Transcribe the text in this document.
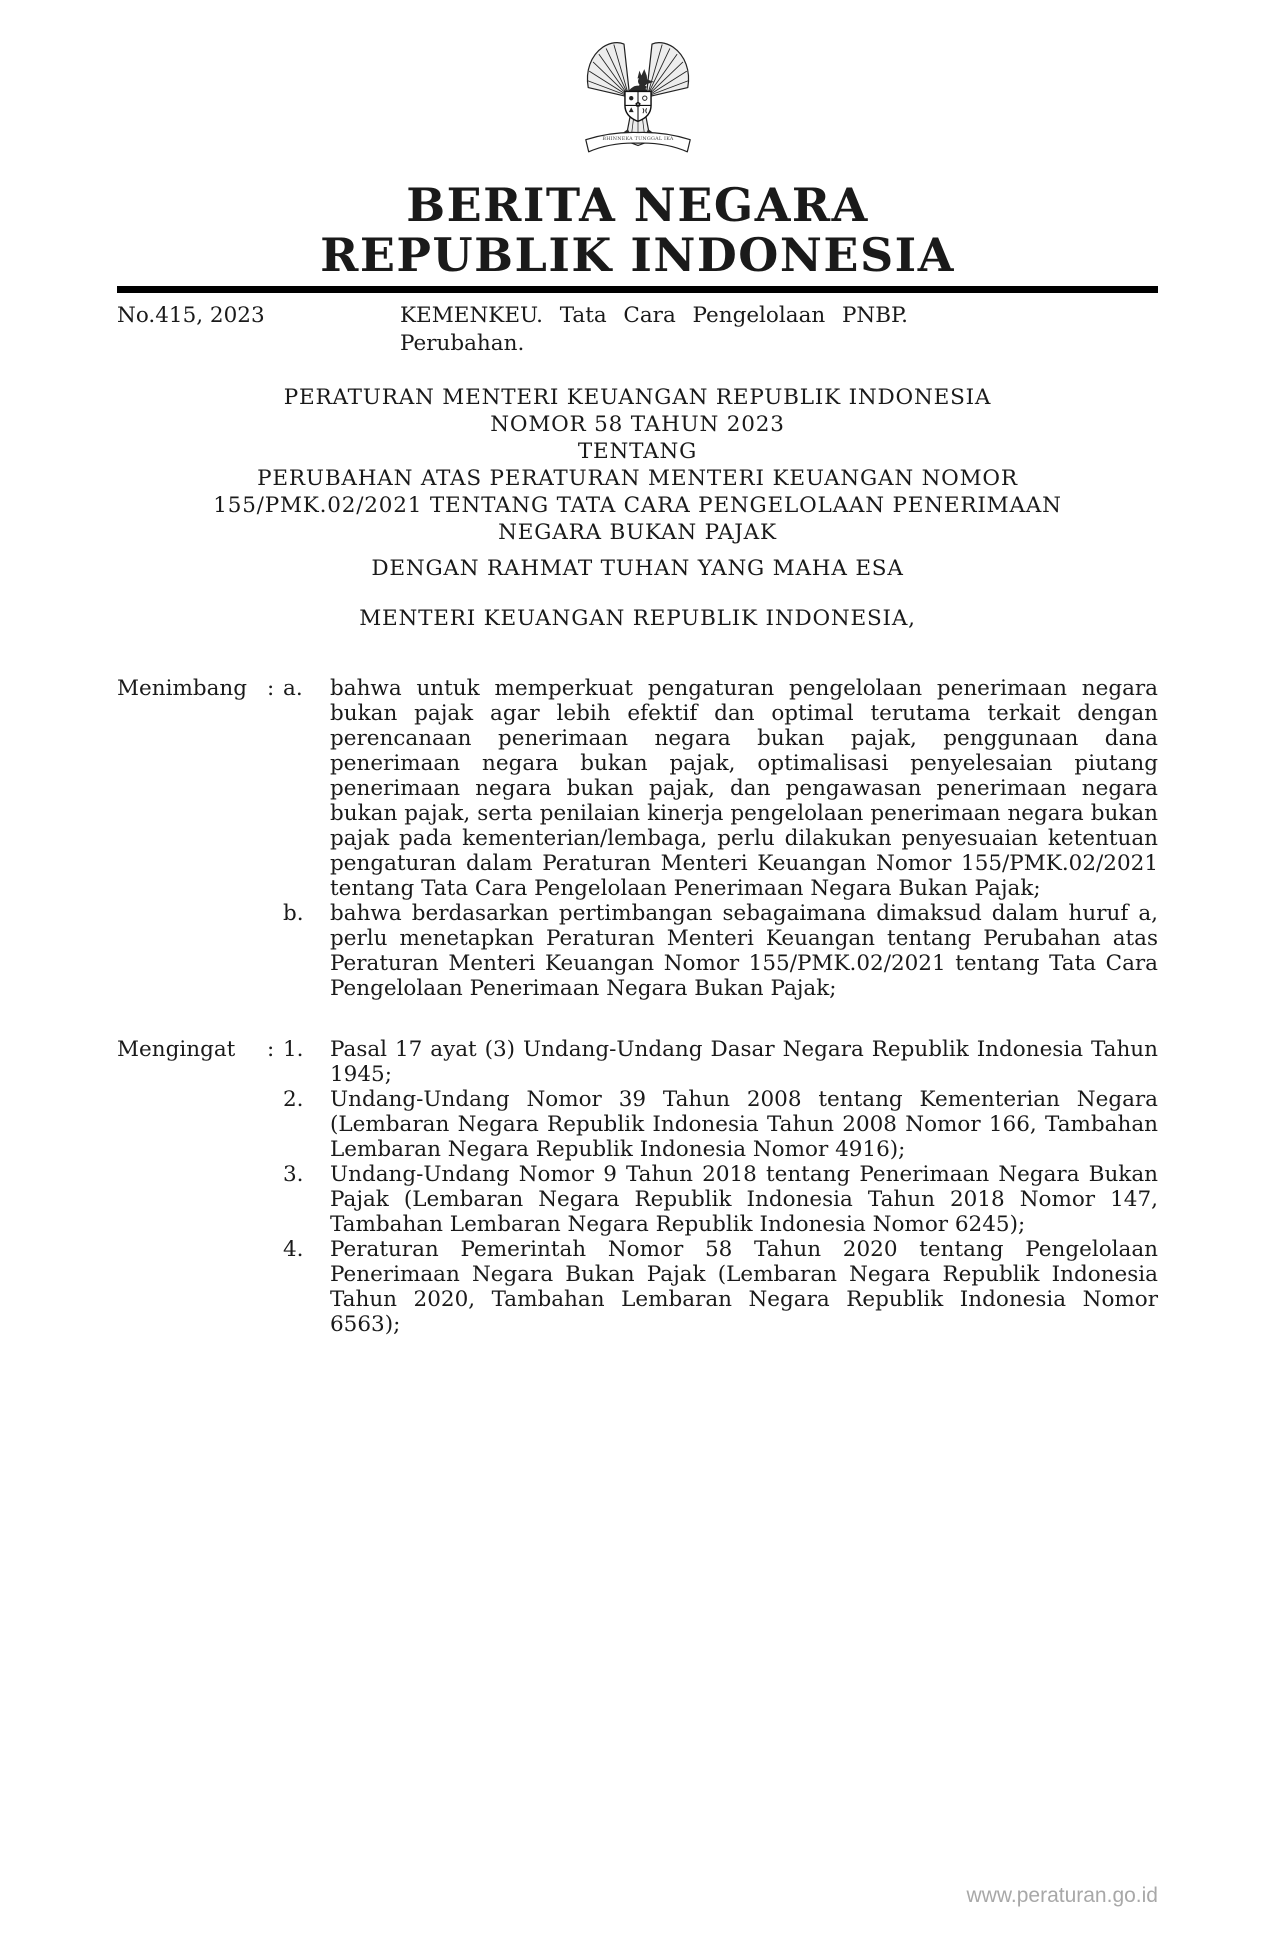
BHINNEKA TUNGGAL IKA
BERITA NEGARA
REPUBLIK INDONESIA
No.415, 2023	KEMENKEU. Tata Cara Pengelolaan PNBP. Perubahan.
PERATURAN MENTERI KEUANGAN REPUBLIK INDONESIA
NOMOR 58 TAHUN 2023
TENTANG
PERUBAHAN ATAS PERATURAN MENTERI KEUANGAN NOMOR 155/PMK.02/2021 TENTANG TATA CARA PENGELOLAAN PENERIMAAN NEGARA BUKAN PAJAK
DENGAN RAHMAT TUHAN YANG MAHA ESA
MENTERI KEUANGAN REPUBLIK INDONESIA,
Menimbang : a.	bahwa untuk memperkuat pengaturan pengelolaan penerimaan negara bukan pajak agar lebih efektif dan optimal terutama terkait dengan perencanaan penerimaan negara bukan pajak, penggunaan dana penerimaan negara bukan pajak, optimalisasi penyelesaian piutang penerimaan negara bukan pajak, dan pengawasan penerimaan negara bukan pajak, serta penilaian kinerja pengelolaan penerimaan negara bukan pajak pada kementerian/lembaga, perlu dilakukan penyesuaian ketentuan pengaturan dalam Peraturan Menteri Keuangan Nomor 155/PMK.02/2021 tentang Tata Cara Pengelolaan Penerimaan Negara Bukan Pajak;
b.	bahwa berdasarkan pertimbangan sebagaimana dimaksud dalam huruf a, perlu menetapkan Peraturan Menteri Keuangan tentang Perubahan atas Peraturan Menteri Keuangan Nomor 155/PMK.02/2021 tentang Tata Cara Pengelolaan Penerimaan Negara Bukan Pajak;
Mengingat	: 1.	Pasal 17 ayat (3) Undang-Undang Dasar Negara Republik Indonesia Tahun 1945;
2.	Undang-Undang Nomor 39 Tahun 2008 tentang Kementerian Negara (Lembaran Negara Republik Indonesia Tahun 2008 Nomor 166, Tambahan Lembaran Negara Republik Indonesia Nomor 4916);
3.	Undang-Undang Nomor 9 Tahun 2018 tentang Penerimaan Negara Bukan Pajak (Lembaran Negara Republik Indonesia Tahun 2018 Nomor 147, Tambahan Lembaran Negara Republik Indonesia Nomor 6245);
4.	Peraturan Pemerintah Nomor 58 Tahun 2020 tentang Pengelolaan Penerimaan Negara Bukan Pajak (Lembaran Negara Republik Indonesia Tahun 2020, Tambahan Lembaran Negara Republik Indonesia Nomor 6563);
www.peraturan.go.id
